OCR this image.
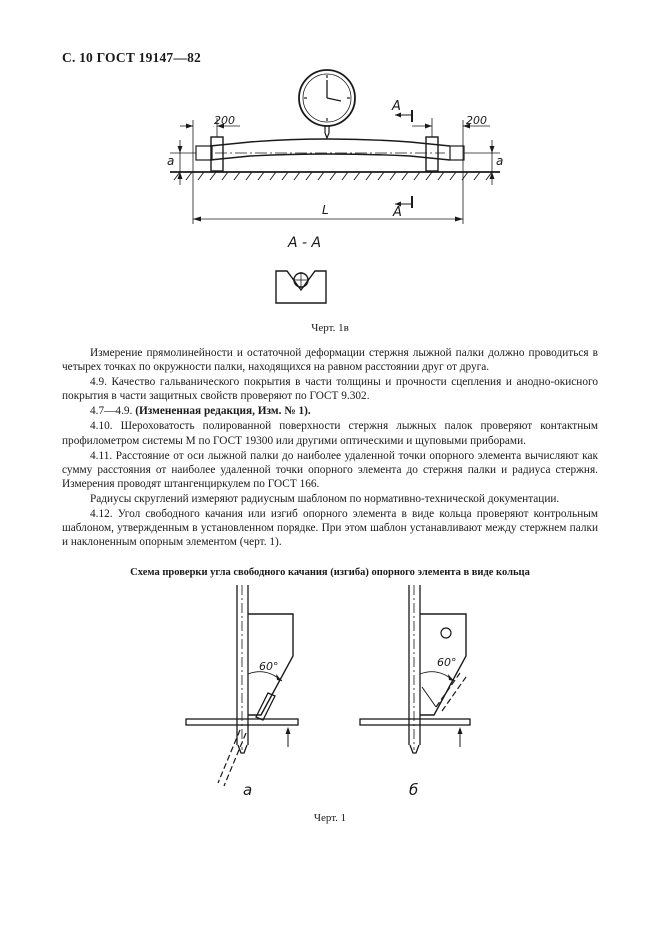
С. 10 ГОСТ 19147—82
200	200
a	a
L
A
A
A - A
Черт. 1в

Измерение прямолинейности и остаточной деформации стержня лыжной палки должно проводиться в четырех точках по окружности палки, находящихся на равном расстоянии друг от друга.

4.9. Качество гальванического покрытия в части толщины и прочности сцепления и анодно-окисного покрытия в части защитных свойств проверяют по ГОСТ 9.302.

4.7—4.9. (Измененная редакция, Изм. № 1).

4.10. Шероховатость полированной поверхности стержня лыжных палок проверяют контактным профилометром системы М по ГОСТ 19300 или другими оптическими и щуповыми приборами.

4.11. Расстояние от оси лыжной палки до наиболее удаленной точки опорного элемента вычисляют как сумму расстояния от наиболее удаленной точки опорного элемента до стержня палки и радиуса стержня. Измерения проводят штангенциркулем по ГОСТ 166.

Радиусы скруглений измеряют радиусным шаблоном по нормативно-технической документации.

4.12. Угол свободного качания или изгиб опорного элемента в виде кольца проверяют контрольным шаблоном, утвержденным в установленном порядке. При этом шаблон устанавливают между стержнем палки и наклоненным опорным элементом (черт. 1).

Схема проверки угла свободного качания (изгиба) опорного элемента в виде кольца
60°	60°
а	б
Черт. 1
